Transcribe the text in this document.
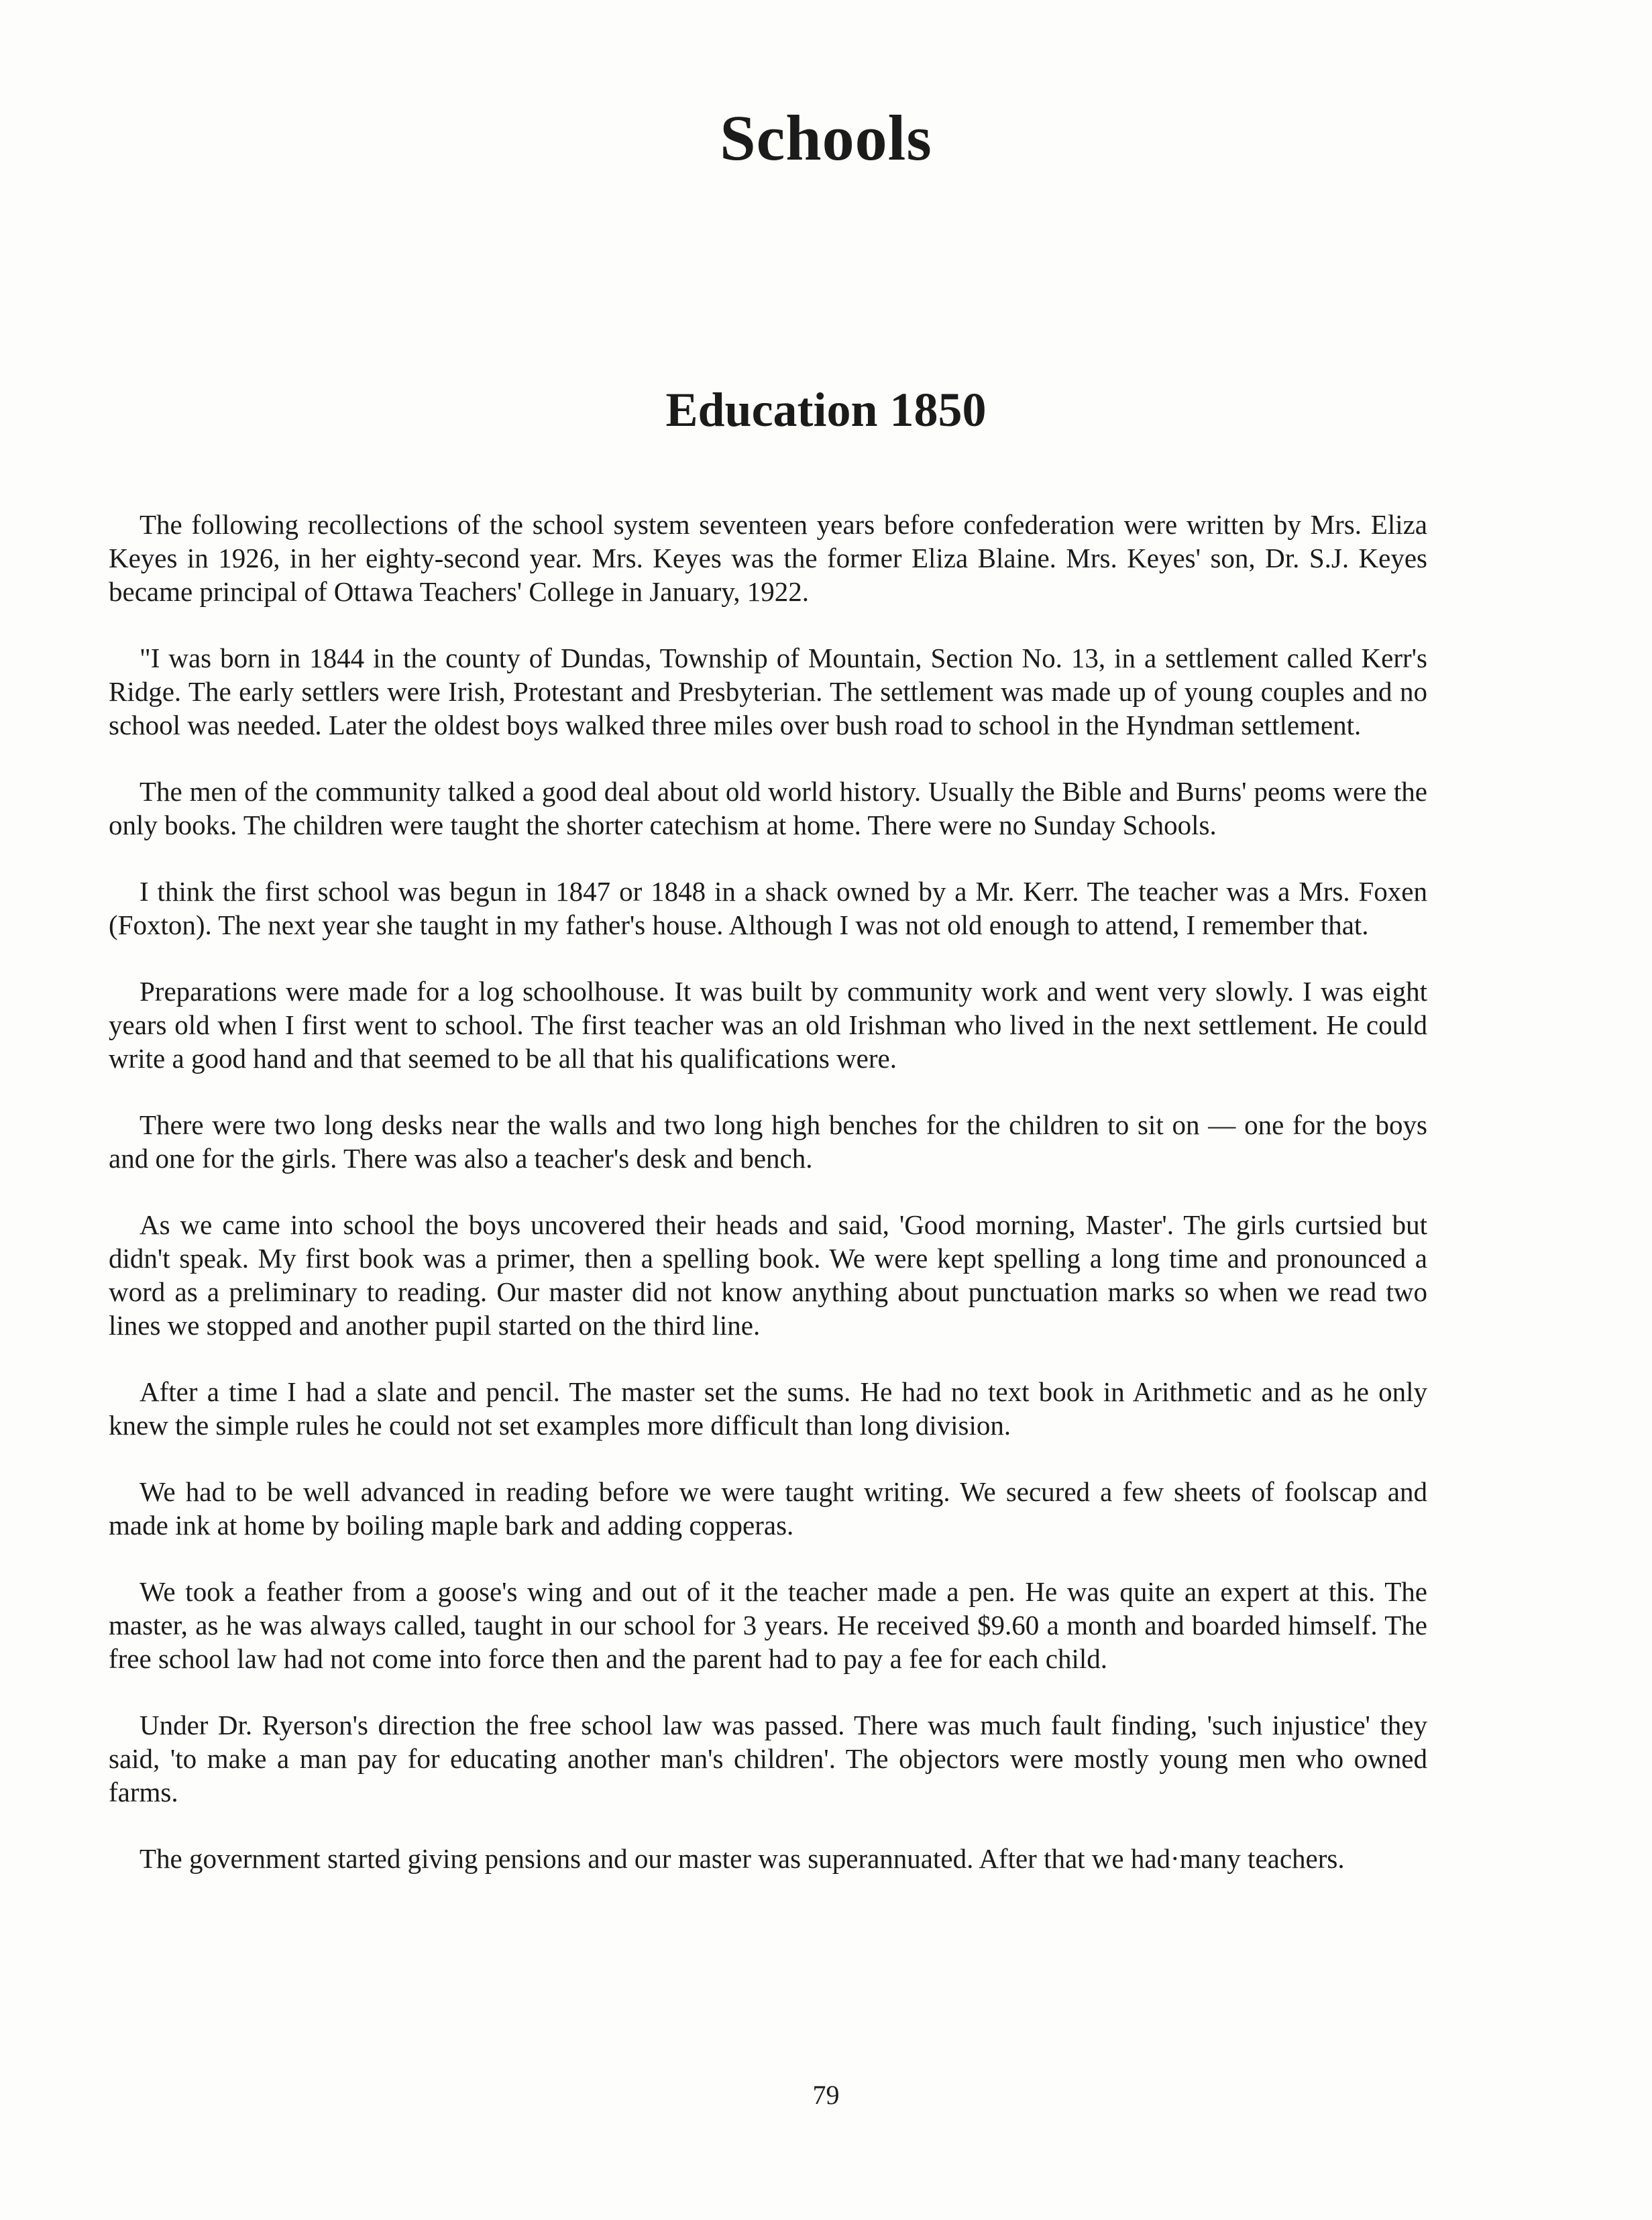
Schools
Education 1850

The following recollections of the school system seventeen years before confederation were written by Mrs. Eliza Keyes in 1926, in her eighty-second year. Mrs. Keyes was the former Eliza Blaine. Mrs. Keyes' son, Dr. S.J. Keyes became principal of Ottawa Teachers' College in January, 1922.

"I was born in 1844 in the county of Dundas, Township of Mountain, Section No. 13, in a settlement called Kerr's Ridge. The early settlers were Irish, Protestant and Presbyterian. The settlement was made up of young couples and no school was needed. Later the oldest boys walked three miles over bush road to school in the Hyndman settlement.

The men of the community talked a good deal about old world history. Usually the Bible and Burns' peoms were the only books. The children were taught the shorter catechism at home. There were no Sunday Schools.

I think the first school was begun in 1847 or 1848 in a shack owned by a Mr. Kerr. The teacher was a Mrs. Foxen (Foxton). The next year she taught in my father's house. Although I was not old enough to attend, I remember that.

Preparations were made for a log schoolhouse. It was built by community work and went very slowly. I was eight years old when I first went to school. The first teacher was an old Irishman who lived in the next settlement. He could write a good hand and that seemed to be all that his qualifications were.

There were two long desks near the walls and two long high benches for the children to sit on — one for the boys and one for the girls. There was also a teacher's desk and bench.

As we came into school the boys uncovered their heads and said, 'Good morning, Master'. The girls curtsied but didn't speak. My first book was a primer, then a spelling book. We were kept spelling a long time and pronounced a word as a preliminary to reading. Our master did not know anything about punctuation marks so when we read two lines we stopped and another pupil started on the third line.

After a time I had a slate and pencil. The master set the sums. He had no text book in Arithmetic and as he only knew the simple rules he could not set examples more difficult than long division.

We had to be well advanced in reading before we were taught writing. We secured a few sheets of foolscap and made ink at home by boiling maple bark and adding copperas.

We took a feather from a goose's wing and out of it the teacher made a pen. He was quite an expert at this. The master, as he was always called, taught in our school for 3 years. He received $9.60 a month and boarded himself. The free school law had not come into force then and the parent had to pay a fee for each child.

Under Dr. Ryerson's direction the free school law was passed. There was much fault finding, 'such injustice' they said, 'to make a man pay for educating another man's children'. The objectors were mostly young men who owned farms.

The government started giving pensions and our master was superannuated. After that we had·many teachers.

79
